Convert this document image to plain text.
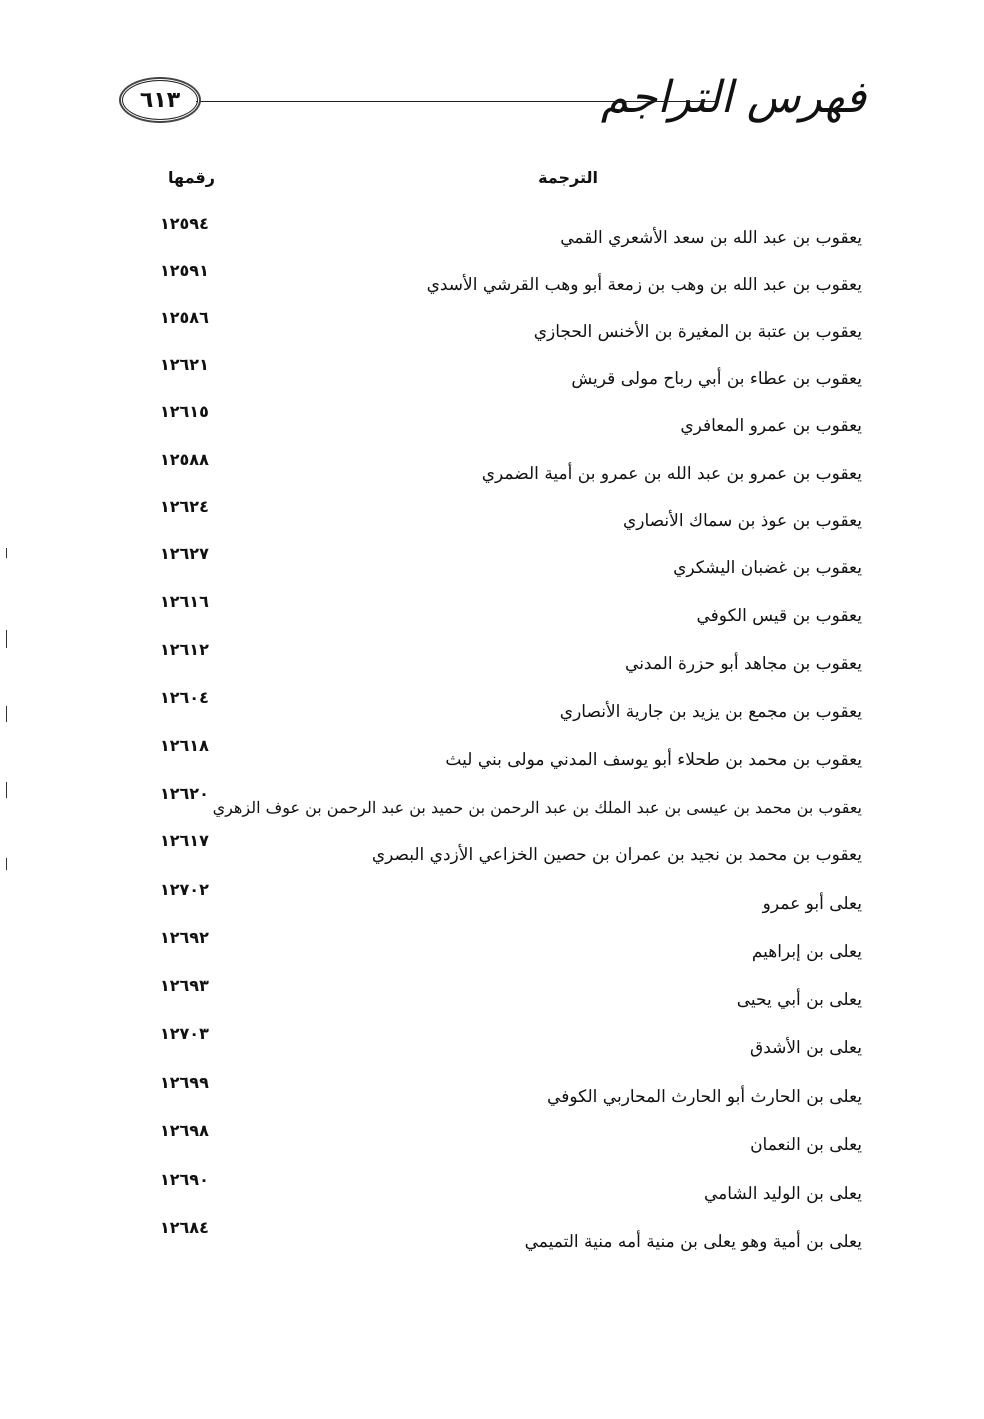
فهرس التراجم
٦١٣
الترجمة
رقمها
يعقوب بن عبد الله بن سعد الأشعري القمي
١٢٥٩٤
يعقوب بن عبد الله بن وهب بن زمعة أبو وهب القرشي الأسدي
١٢٥٩١
يعقوب بن عتبة بن المغيرة بن الأخنس الحجازي
١٢٥٨٦
يعقوب بن عطاء بن أبي رباح مولى قريش
١٢٦٢١
يعقوب بن عمرو المعافري
١٢٦١٥
يعقوب بن عمرو بن عبد الله بن عمرو بن أمية الضمري
١٢٥٨٨
يعقوب بن عوذ بن سماك الأنصاري
١٢٦٢٤
يعقوب بن غضبان اليشكري
١٢٦٢٧
يعقوب بن قيس الكوفي
١٢٦١٦
يعقوب بن مجاهد أبو حزرة المدني
١٢٦١٢
يعقوب بن مجمع بن يزيد بن جارية الأنصاري
١٢٦٠٤
يعقوب بن محمد بن طحلاء أبو يوسف المدني مولى بني ليث
١٢٦١٨
يعقوب بن محمد بن عيسى بن عبد الملك بن عبد الرحمن بن حميد بن عبد الرحمن بن عوف الزهري
١٢٦٢٠
يعقوب بن محمد بن نجيد بن عمران بن حصين الخزاعي الأزدي البصري
١٢٦١٧
يعلى أبو عمرو
١٢٧٠٢
يعلى بن إبراهيم
١٢٦٩٢
يعلى بن أبي يحيى
١٢٦٩٣
يعلى بن الأشدق
١٢٧٠٣
يعلى بن الحارث أبو الحارث المحاربي الكوفي
١٢٦٩٩
يعلى بن النعمان
١٢٦٩٨
يعلى بن الوليد الشامي
١٢٦٩٠
يعلى بن أمية وهو يعلى بن منية أمه منية التميمي
١٢٦٨٤
